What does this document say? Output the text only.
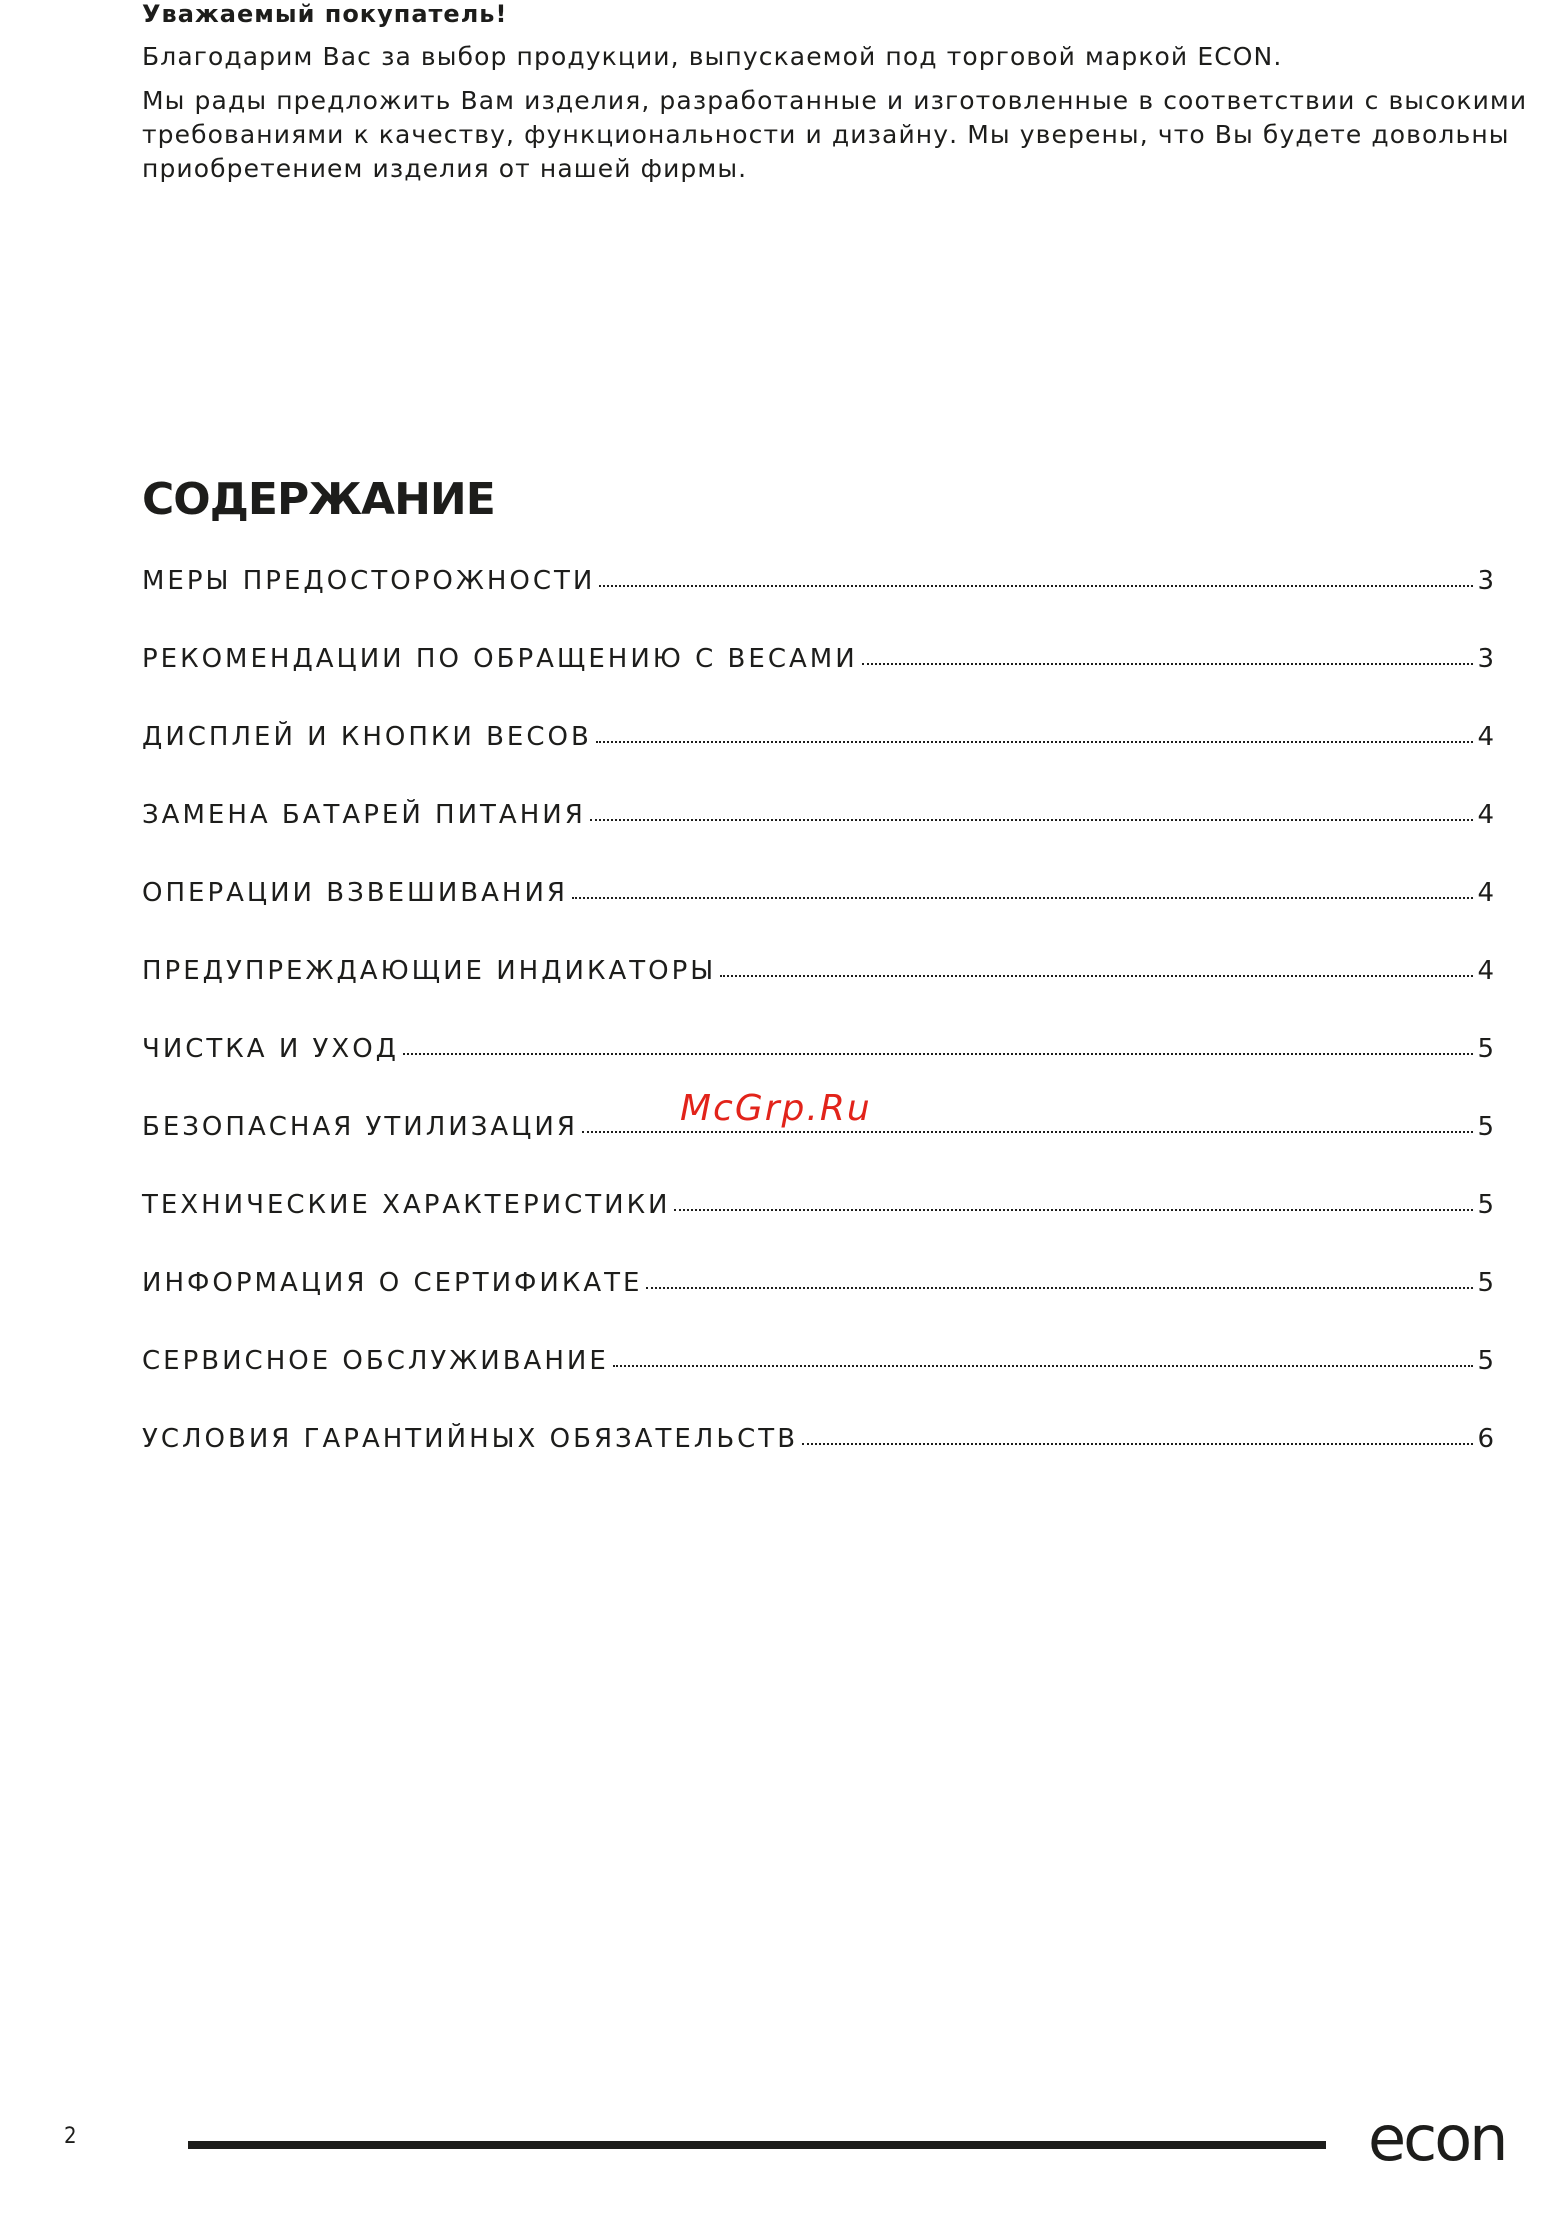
Уважаемый покупатель!

Благодарим Вас за выбор продукции, выпускаемой под торговой маркой ECON.

Мы рады предложить Вам изделия, разработанные и изготовленные в соответствии с высокими требованиями к качеству, функциональности и дизайну. Мы уверены, что Вы будете довольны приобретением изделия от нашей фирмы.

СОДЕРЖАНИЕ
МЕРЫ ПРЕДОСТОРОЖНОСТИ	3
РЕКОМЕНДАЦИИ ПО ОБРАЩЕНИЮ С ВЕСАМИ	3
ДИСПЛЕЙ И КНОПКИ ВЕСОВ	4
ЗАМЕНА БАТАРЕЙ ПИТАНИЯ	4
ОПЕРАЦИИ ВЗВЕШИВАНИЯ	4
ПРЕДУПРЕЖДАЮЩИЕ ИНДИКАТОРЫ	4
ЧИСТКА И УХОД	5
БЕЗОПАСНАЯ УТИЛИЗАЦИЯ	5
ТЕХНИЧЕСКИЕ ХАРАКТЕРИСТИКИ	5
ИНФОРМАЦИЯ О СЕРТИФИКАТЕ	5
СЕРВИСНОЕ ОБСЛУЖИВАНИЕ	5
УСЛОВИЯ ГАРАНТИЙНЫХ ОБЯЗАТЕЛЬСТВ	6
McGrp.Ru
2	econ
